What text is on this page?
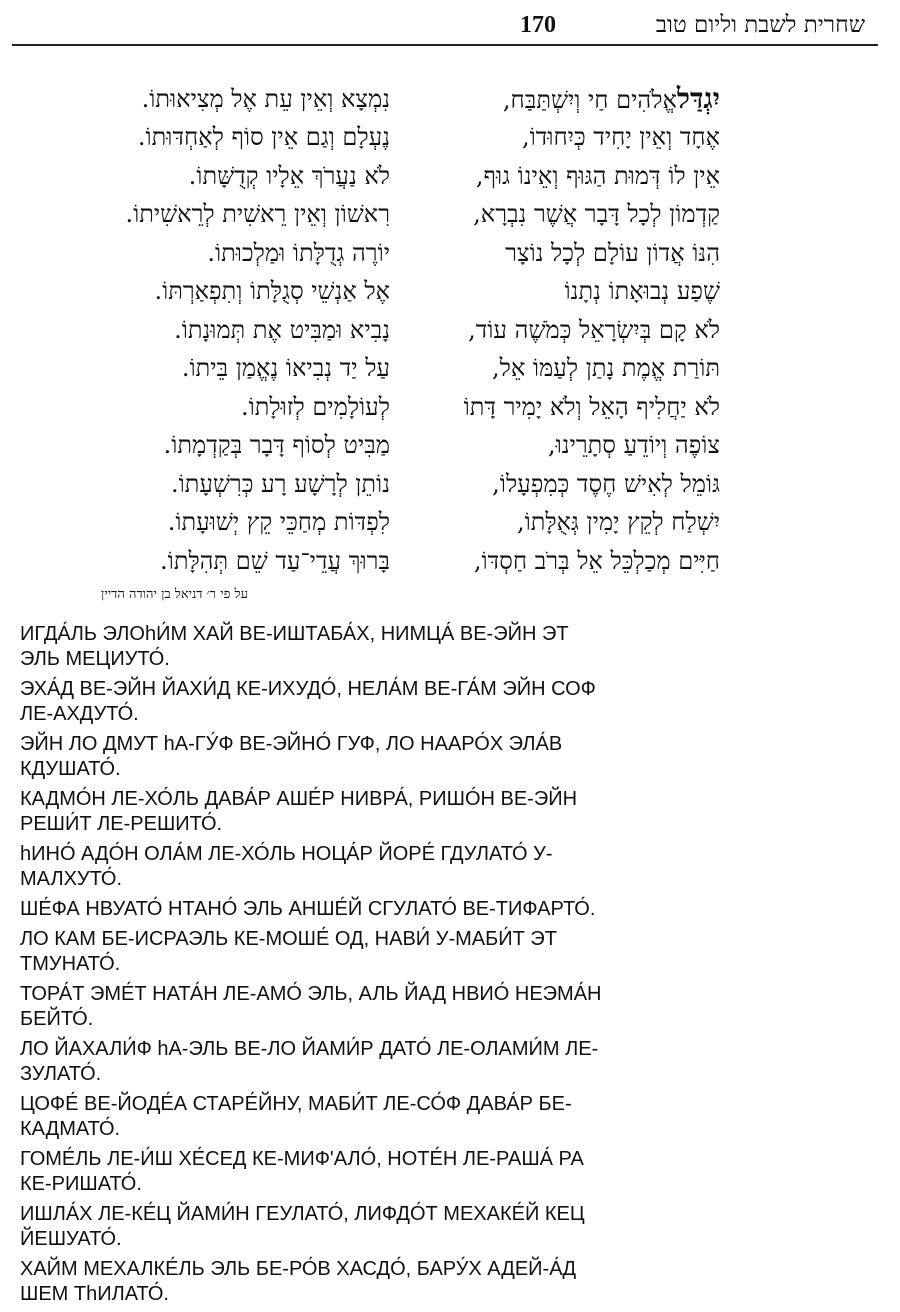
170	שחרית לשבת וליום טוב
יִגְדַּלאֱלֹהִים חַי וְיִשְׁתַּבַּח,
נִמְצָא וְאֵין עֵת אֶל מְצִיאוּתוֹ.
אֶחָד וְאֵין יָחִיד כְּיִחוּדוֹ,
נֶעְלָם וְגַם אֵין סוֹף לְאַחְדּוּתוֹ.
אֵין לוֹ דְּמוּת הַגּוּף וְאֵינוֹ גוּף,
לֹא נַעֲרֹךְ אֵלָיו קְדֻשָּׁתוֹ.
קַדְמוֹן לְכָל דָּבָר אֲשֶׁר נִבְרָא,
רִאשׁוֹן וְאֵין רֵאשִׁית לְרֵאשִׁיתוֹ.
הִנּוֹ אֲדוֹן עוֹלָם לְכָל נוֹצָר
יוֹרֶה גְדֻלָּתוֹ וּמַלְכוּתוֹ.
שֶׁפַע נְבוּאָתוֹ נְתָנוֹ
אֶל אַנְשֵׁי סְגֻלָּתוֹ וְתִפְאַרְתּוֹ.
לֹא קָם בְּיִשְׂרָאֵל כְּמֹשֶׁה עוֹד,
נָבִיא וּמַבִּיט אֶת תְּמוּנָתוֹ.
תּוֹרַת אֱמֶת נָתַן לְעַמּוֹ אֵל,
עַל יַד נְבִיאוֹ נֶאֱמַן בֵּיתוֹ.
לֹא יַחֲלִיף הָאֵל וְלֹא יָמִיר דָּתוֹ
לְעוֹלָמִים לְזוּלָתוֹ.
צוֹפֶה וְיוֹדֵעַ סְתָרֵינוּ,
מַבִּיט לְסוֹף דָּבָר בְּקַדְמָתוֹ.
גּוֹמֵל לְאִישׁ חֶסֶד כְּמִפְעָלוֹ,
נוֹתֵן לְרָשָׁע רָע כְּרִשְׁעָתוֹ.
יִשְׁלַח לְקֵץ יָמִין גְּאֻלָּתוֹ,
לִפְדּוֹת מְחַכֵּי קֵץ יְשׁוּעָתוֹ.
חַיִּים מְכַלְכֵּל אֵל בְּרֹב חַסְדּוֹ,
בָּרוּךְ עֲדֵי־עַד שֵׁם תְּהִלָּתוֹ.
על פי ר׳ דניאל בן יהודה הדיין
ИГДА́ЛЬ ЭЛОhИ́М ХАЙ ВЕ-ИШТАБА́Х, НИМЦА́ ВЕ-ЭЙН ЭТ
ЭЛЬ МЕЦИУТО́.
ЭХА́Д ВЕ-ЭЙН ЙАХИ́Д КЕ-ИХУДО́, НЕЛА́М ВЕ-ГА́М ЭЙН СОФ
ЛЕ-АХДУТО́.
ЭЙН ЛО ДМУТ hА-ГУ́Ф ВЕ-ЭЙНО́ ГУФ, ЛО НААРО́Х ЭЛА́В
КДУШАТО́.
КАДМО́Н ЛЕ-ХО́ЛЬ ДАВА́Р АШЕ́Р НИВРА́, РИШО́Н ВЕ-ЭЙН
РЕШИ́Т ЛЕ-РЕШИТО́.
hИНО́ АДО́Н ОЛА́М ЛЕ-ХО́ЛЬ НОЦА́Р ЙОРЕ́ ГДУЛАТО́ У-
МАЛХУТО́.
ШЕ́ФА НВУАТО́ НТАНО́ ЭЛЬ АНШЕ́Й СГУЛАТО́ ВЕ-ТИФАРТО́.
ЛО КАМ БЕ-ИСРАЭЛЬ КЕ-МОШЕ́ ОД, НАВИ́ У-МАБИ́Т ЭТ
ТМУНАТО́.
ТОРА́Т ЭМЕ́Т НАТА́Н ЛЕ-АМО́ ЭЛЬ, АЛЬ ЙАД НВИО́ НЕЭМА́Н
БЕЙТО́.
ЛО ЙАХАЛИ́Ф hА-ЭЛЬ ВЕ-ЛО ЙАМИ́Р ДАТО́ ЛЕ-ОЛАМИ́М ЛЕ-
ЗУЛАТО́.
ЦОФЕ́ ВЕ-ЙОДЕ́А СТАРЕ́ЙНУ, МАБИ́Т ЛЕ-СО́Ф ДАВА́Р БЕ-
КАДМАТО́.
ГОМЕ́ЛЬ ЛЕ-И́Ш ХЕ́СЕД КЕ-МИФ'АЛО́, НОТЕ́Н ЛЕ-РАША́ РА
КЕ-РИШАТО́.
ИШЛА́Х ЛЕ-КЕ́Ц ЙАМИ́Н ГЕУЛАТО́, ЛИФДО́Т МЕХАКЕ́Й КЕЦ
ЙЕШУАТО́.
ХАЙМ МЕХАЛКЕ́ЛЬ ЭЛЬ БЕ-РО́В ХАСДО́, БАРУ́Х АДЕЙ-А́Д
ШЕМ ТhИЛАТО́.
